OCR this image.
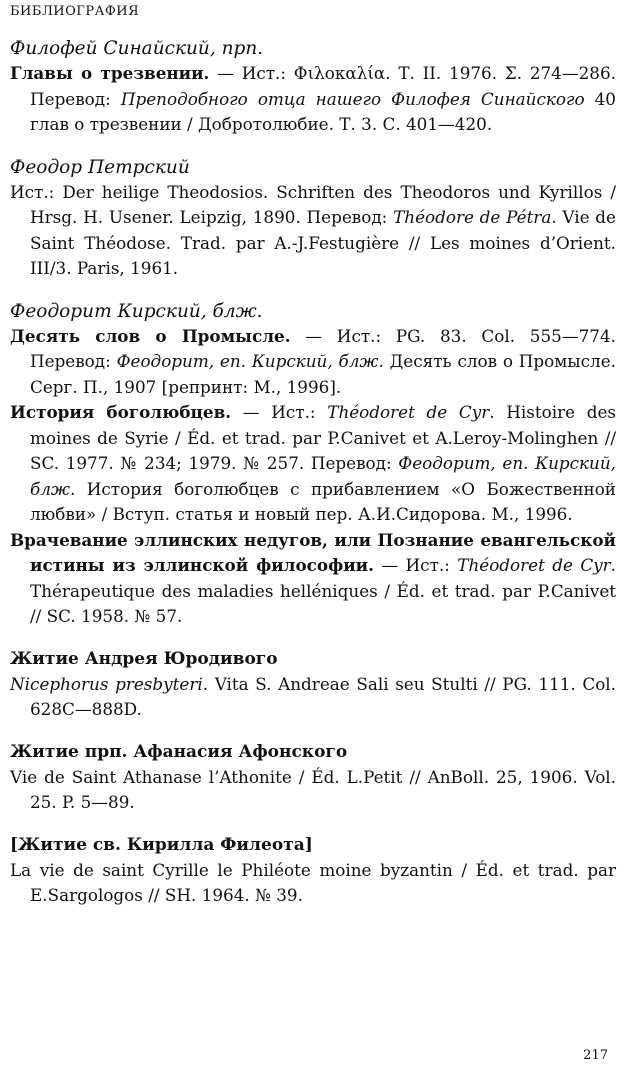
БИБЛИОГРАФИЯ
Филофей Синайский, прп.

Главы о трезвении. — Ист.: Φιλοκαλία. Т. II. 1976. Σ. 274—286. Перевод: Преподобного отца нашего Филофея Синайского 40 глав о трезвении / Добротолюбие. Т. 3. С. 401—420.

Феодор Петрский

Ист.: Der heilige Theodosios. Schriften des Theodoros und Kyrillos / Hrsg. H. Usener. Leipzig, 1890. Перевод: Théodore de Pétra. Vie de Saint Théodose. Trad. par A.-J.Festugière // Les moines d’Orient. III/3. Paris, 1961.

Феодорит Кирский, блж.

Десять слов о Промысле. — Ист.: PG. 83. Col. 555—774. Перевод: Феодорит, еп. Кирский, блж. Десять слов о Промысле. Серг. П., 1907 [репринт: М., 1996].

История боголюбцев. — Ист.: Théodoret de Cyr. Histoire des moines de Syrie / Éd. et trad. par P.Canivet et A.Leroy-Molinghen // SC. 1977. № 234; 1979. № 257. Перевод: Феодорит, еп. Кирский, блж. История боголюбцев с прибавлением «О Божественной любви» / Вступ. статья и новый пер. А.И.Сидорова. М., 1996.

Врачевание эллинских недугов, или Познание евангельской истины из эллинской философии. — Ист.: Théodoret de Cyr. Thérapeutique des maladies helléniques / Éd. et trad. par P.Canivet // SC. 1958. № 57.

Житие Андрея Юродивого

Nicephorus presbyteri. Vita S. Andreae Sali seu Stulti // PG. 111. Col. 628C—888D.

Житие прп. Афанасия Афонского

Vie de Saint Athanase l’Athonite / Éd. L.Petit // AnBoll. 25, 1906. Vol. 25. P. 5—89.

[Житие св. Кирилла Филеота]

La vie de saint Cyrille le Philéote moine byzantin / Éd. et trad. par E.Sargologos // SH. 1964. № 39.

217
